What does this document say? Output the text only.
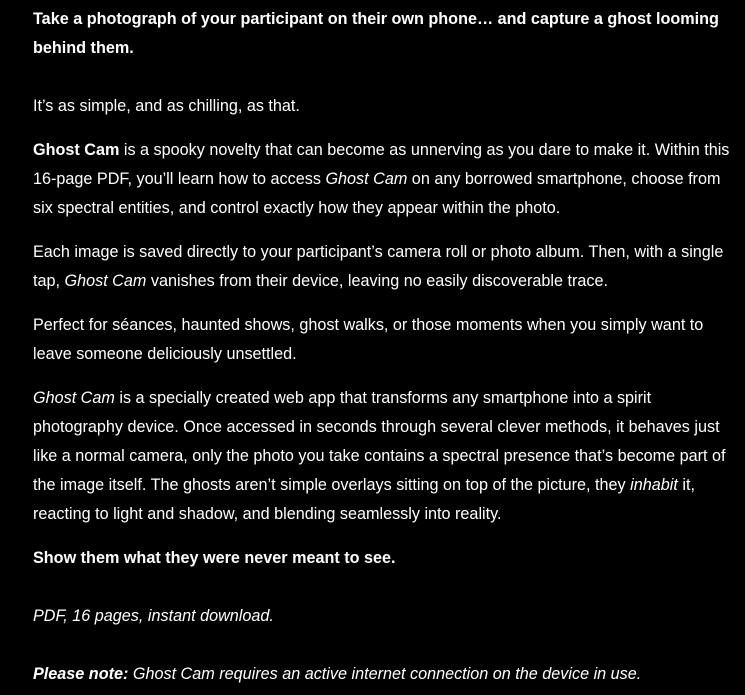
Take a photograph of your participant on their own phone… and capture a ghost looming behind them.

It’s as simple, and as chilling, as that.

Ghost Cam is a spooky novelty that can become as unnerving as you dare to make it. Within this 16-page PDF, you’ll learn how to access Ghost Cam on any borrowed smartphone, choose from six spectral entities, and control exactly how they appear within the photo.

Each image is saved directly to your participant’s camera roll or photo album. Then, with a single tap, Ghost Cam vanishes from their device, leaving no easily discoverable trace.

Perfect for séances, haunted shows, ghost walks, or those moments when you simply want to leave someone deliciously unsettled.

Ghost Cam is a specially created web app that transforms any smartphone into a spirit photography device. Once accessed in seconds through several clever methods, it behaves just like a normal camera, only the photo you take contains a spectral presence that’s become part of the image itself. The ghosts aren’t simple overlays sitting on top of the picture, they inhabit it, reacting to light and shadow, and blending seamlessly into reality.

Show them what they were never meant to see.

PDF, 16 pages, instant download.

Please note: Ghost Cam requires an active internet connection on the device in use.
